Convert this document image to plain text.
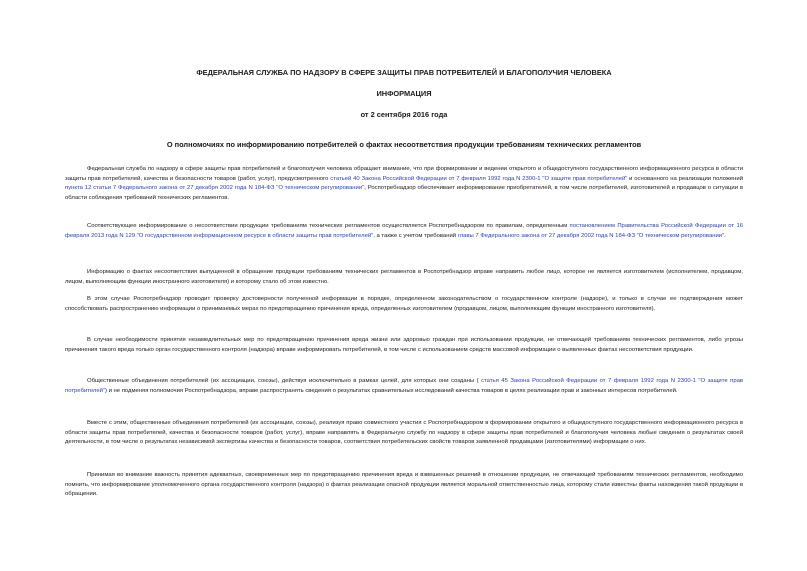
ФЕДЕРАЛЬНАЯ СЛУЖБА ПО НАДЗОРУ В СФЕРЕ ЗАЩИТЫ ПРАВ ПОТРЕБИТЕЛЕЙ И БЛАГОПОЛУЧИЯ ЧЕЛОВЕКА

ИНФОРМАЦИЯ

от 2 сентября 2016 года

О полномочиях по информированию потребителей о фактах несоответствия продукции требованиям технических регламентов

Федеральная служба по надзору в сфере защиты прав потребителей и благополучия человека обращает внимание, что при формировании и ведении открытого и общедоступного государственного информационного ресурса в области защиты прав потребителей, качества и безопасности товаров (работ, услуг), предусмотренного статьей 40 Закона Российской Федерации от 7 февраля 1992 года N 2300-1 "О защите прав потребителей" и основанного на реализации положений пункта 12 статьи 7 Федерального закона от 27 декабря 2002 года N 184-ФЗ "О техническом регулировании", Роспотребнадзор обеспечивает информирование приобретателей, в том числе потребителей, изготовителей и продавцов о ситуации в области соблюдения требований технических регламентов.

Соответствующее информирование о несоответствии продукции требованиям технических регламентов осуществляется Роспотребнадзором по правилам, определенным постановлением Правительства Российской Федерации от 16 февраля 2013 года N 129 "О государственном информационном ресурсе в области защиты прав потребителей", а также с учетом требований главы 7 Федерального закона от 27 декабря 2002 года N 184-ФЗ "О техническом регулировании".

Информацию о фактах несоответствия выпущенной в обращение продукции требованиям технических регламентов в Роспотребнадзор вправе направить любое лицо, которое не является изготовителем (исполнителем, продавцом, лицом, выполняющим функции иностранного изготовителя) и которому стало об этом известно.

В этом случае Роспотребнадзор проводит проверку достоверности полученной информации в порядке, определенном законодательством о государственном контроле (надзоре), и только в случае ее подтверждения может способствовать распространению информации о принимаемых мерах по предотвращению причинения вреда, определенных изготовителем (продавцом, лицом, выполняющим функции иностранного изготовителя).

В случае необходимости принятия незамедлительных мер по предотвращению причинения вреда жизни или здоровью граждан при использовании продукции, не отвечающей требованиям технических регламентов, либо угрозы причинения такого вреда только орган государственного контроля (надзора) вправе информировать потребителей, в том числе с использованием средств массовой информации о выявленных фактах несоответствия продукции.

Общественные объединения потребителей (их ассоциации, союзы), действуя исключительно в рамках целей, для которых они созданы ( статья 45 Закона Российской Федерации от 7 февраля 1992 года N 2300-1 "О защите прав потребителей") и не подменяя полномочия Роспотребнадзора, вправе распространять сведения о результатах сравнительных исследований качества товаров в целях реализации прав и законных интересов потребителей.

Вместе с этим, общественные объединения потребителей (их ассоциации, союзы), реализуя право совместного участия с Роспотребнадзором в формировании открытого и общедоступного государственного информационного ресурса в области защиты прав потребителей, качества и безопасности товаров (работ, услуг), вправе направлять в Федеральную службу по надзору в сфере защиты прав потребителей и благополучия человека любые сведения о результатах своей деятельности, в том числе о результатах независимой экспертизы качества и безопасности товаров, соответствия потребительских свойств товаров заявленной продавцами (изготовителями) информации о них.

Принимая во внимание важность принятия адекватных, своевременных мер по предотвращению причинения вреда и взвешенных решений в отношении продукции, не отвечающей требованиям технических регламентов, необходимо помнить, что информирование уполномоченного органа государственного контроля (надзора) о фактах реализации опасной продукции является моральной ответственностью лица, которому стали известны факты нахождения такой продукции в обращении.
